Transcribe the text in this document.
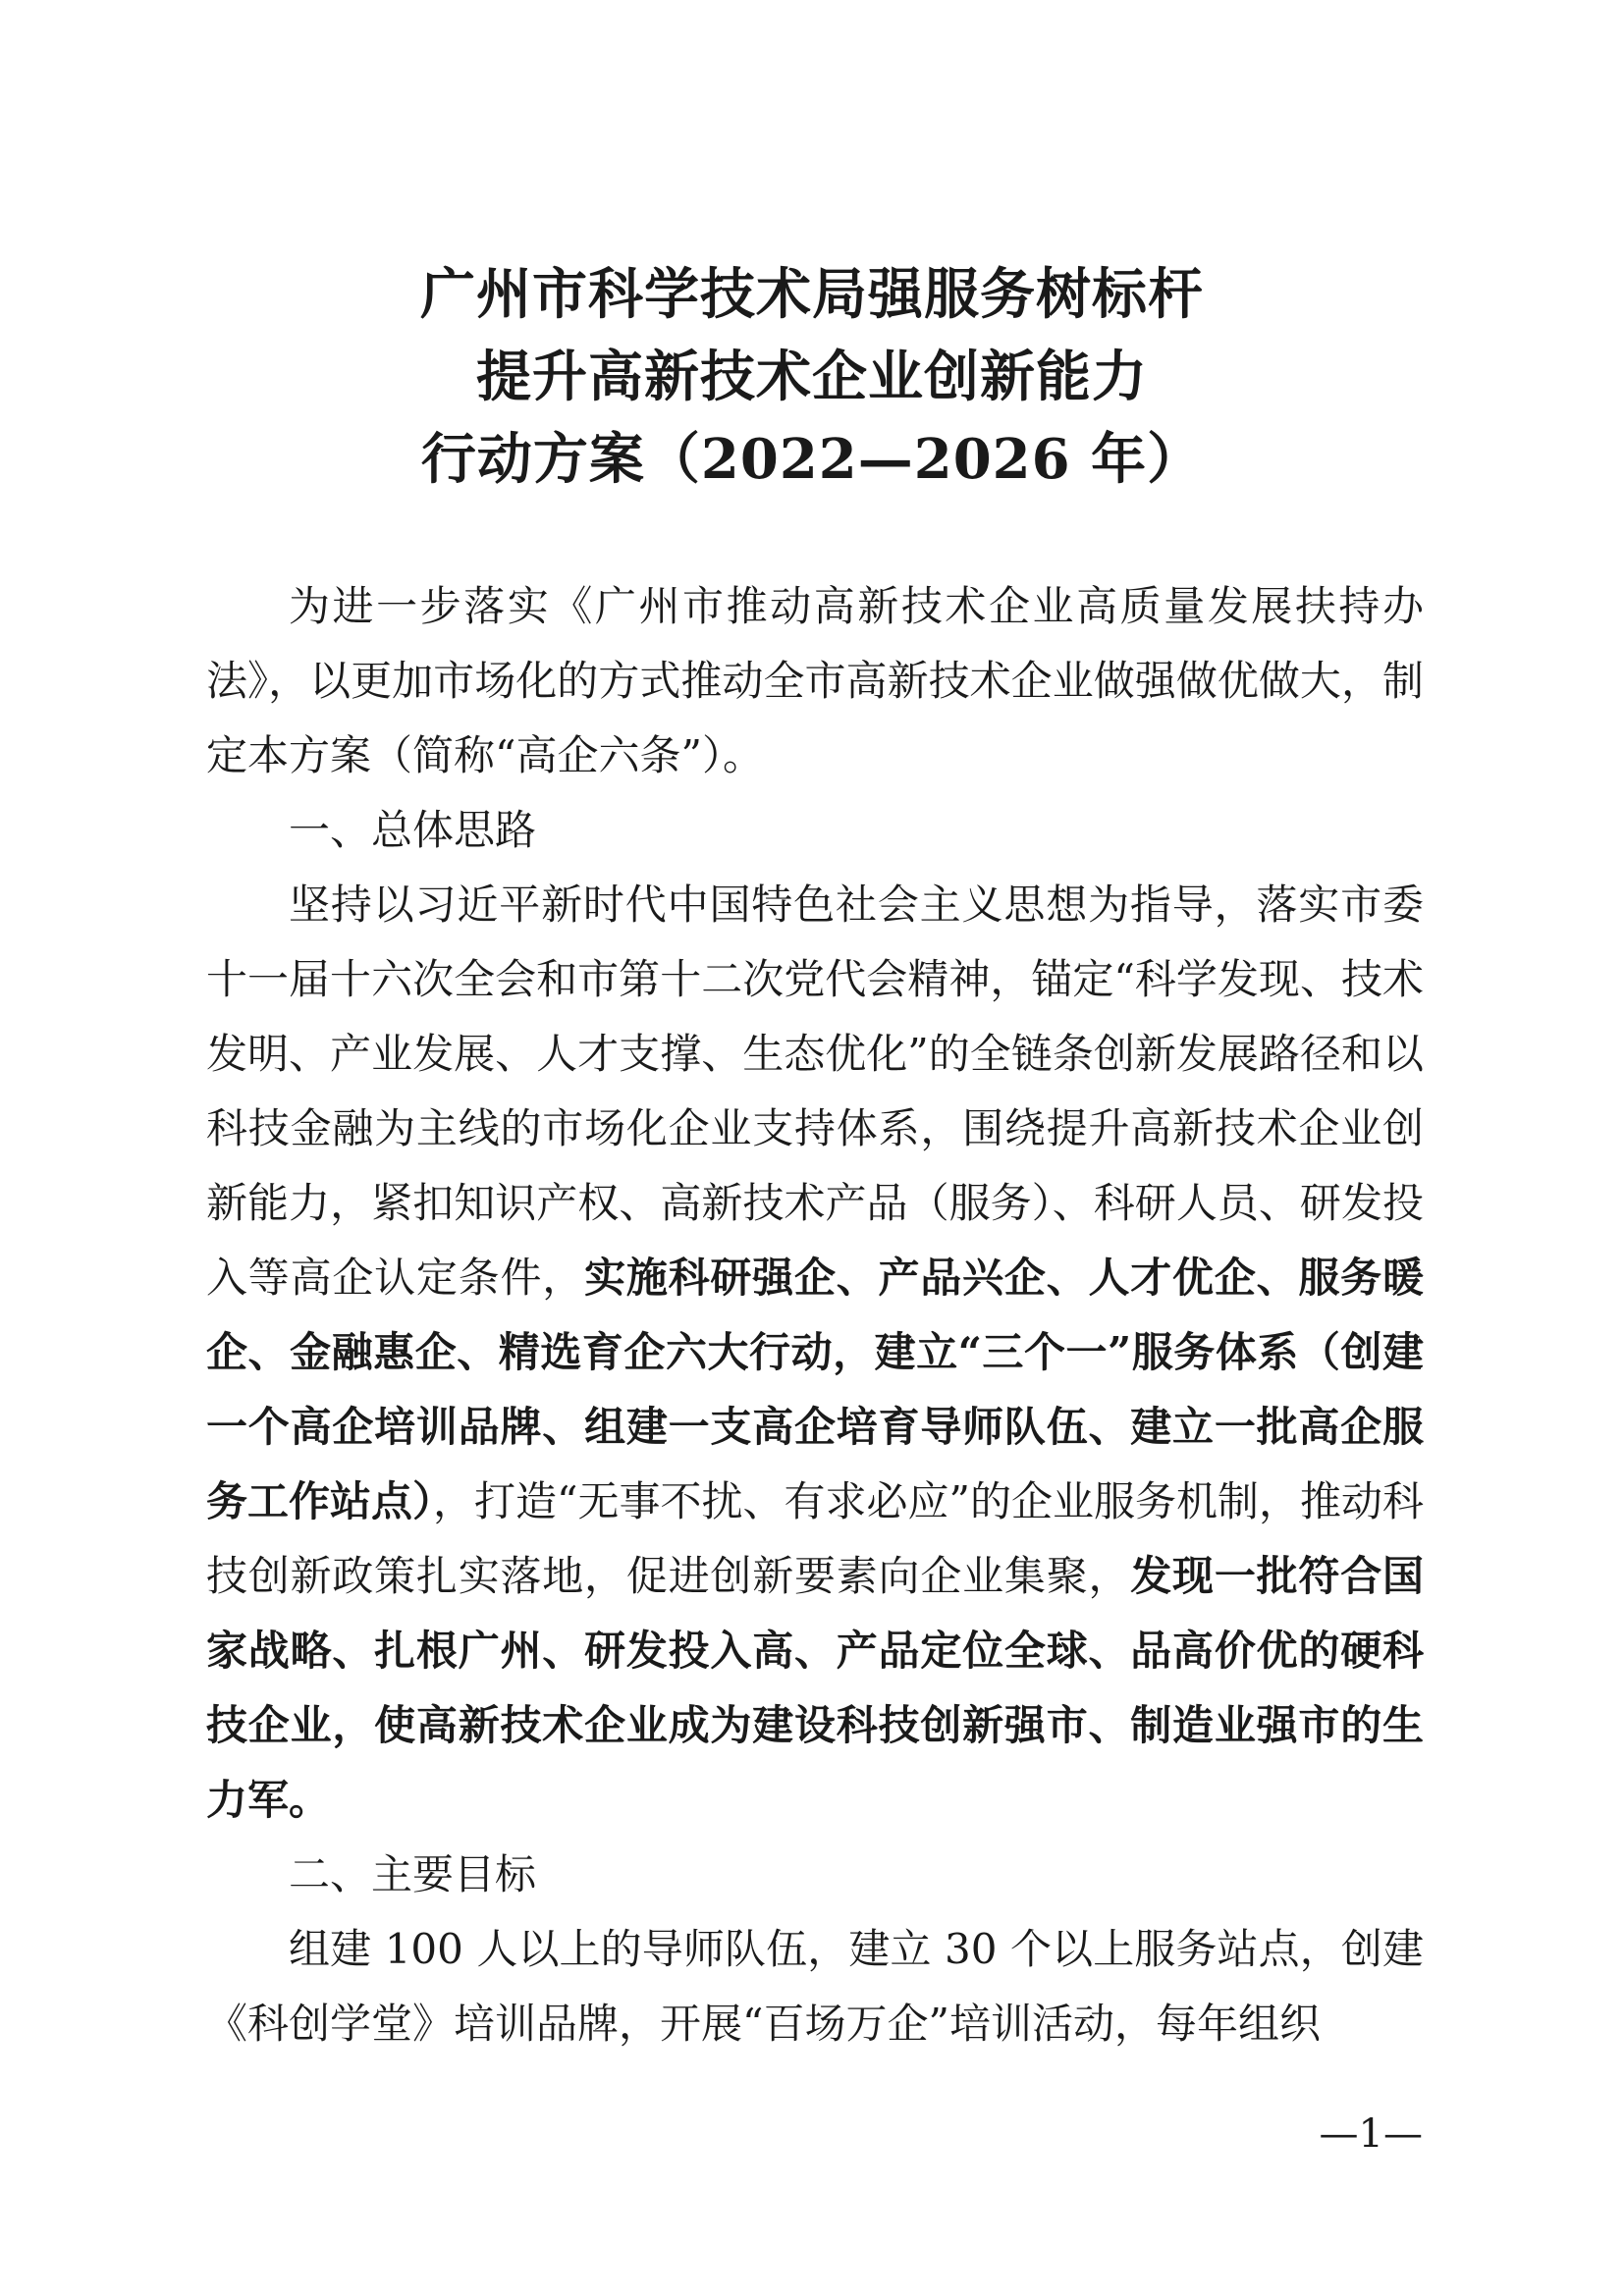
广州市科学技术局强服务树标杆
提升高新技术企业创新能力
行动方案（2022—2026 年）

为进一步落实《广州市推动高新技术企业高质量发展扶持办法》，以更加市场化的方式推动全市高新技术企业做强做优做大，制定本方案（简称“高企六条”）。

一、总体思路

坚持以习近平新时代中国特色社会主义思想为指导，落实市委十一届十六次全会和市第十二次党代会精神，锚定“科学发现、技术发明、产业发展、人才支撑、生态优化”的全链条创新发展路径和以科技金融为主线的市场化企业支持体系，围绕提升高新技术企业创新能力，紧扣知识产权、高新技术产品（服务）、科研人员、研发投入等高企认定条件，实施科研强企、产品兴企、人才优企、服务暖企、金融惠企、精选育企六大行动，建立“三个一”服务体系（创建一个高企培训品牌、组建一支高企培育导师队伍、建立一批高企服务工作站点），打造“无事不扰、有求必应”的企业服务机制，推动科技创新政策扎实落地，促进创新要素向企业集聚，发现一批符合国家战略、扎根广州、研发投入高、产品定位全球、品高价优的硬科技企业，使高新技术企业成为建设科技创新强市、制造业强市的生力军。

二、主要目标

组建 100 人以上的导师队伍，建立 30 个以上服务站点，创建《科创学堂》培训品牌，开展“百场万企”培训活动，每年组织

—1—
